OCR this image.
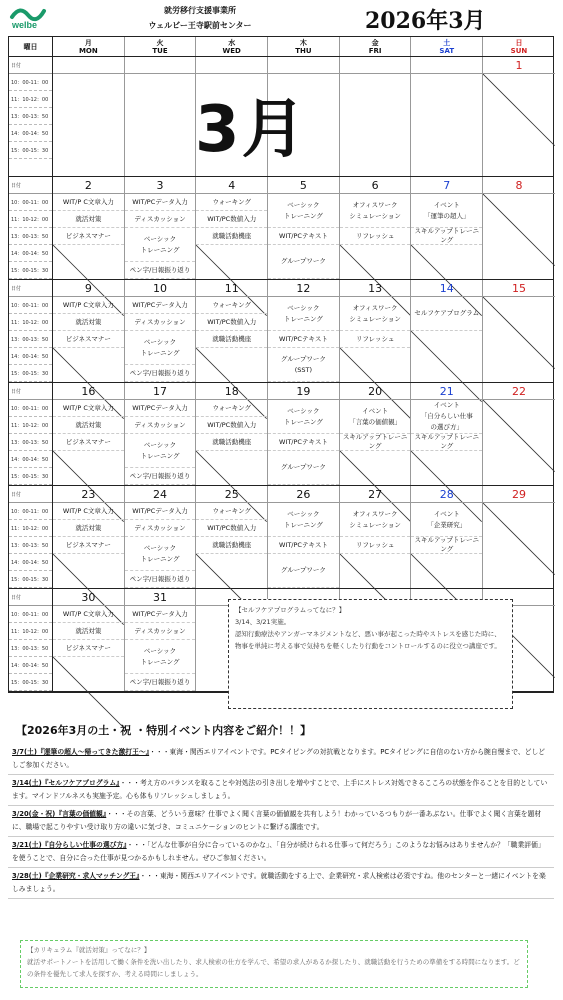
welbe
就労移行支援事業所
ウェルビー王寺駅前センター	2026年3月
曜日	月
MON
火
TUE
水
WED
木
THU
金
FRI
土
SAT
日
SUN
日付
10：00-11：00
11：10-12：00
13：00-13：50
14：00-14：50
15：00-15：30
1
日付
10：00-11：00
11：10-12：00
13：00-13：50
14：00-14：50
15：00-15：30
2
WIT/P C文章入力
就活対策
ビジネスマナー
3
WIT/PCデータ入力
ディスカッション
ベーシック
トレーニング
ペン字/日報振り返り
4
ウォーキング
WIT/PC数値入力
就職活動機座
5
ベーシック
トレーニング
WIT/PCテキスト
グループワーク
6
オフィスワーク
シミュレーション
リフレッシュ
7
イベント
「運筆の超人」
スキルアップトレーニング
8
日付
10：00-11：00
11：10-12：00
13：00-13：50
14：00-14：50
15：00-15：30
9
WIT/P C文章入力
就活対策
ビジネスマナー
10
WIT/PCデータ入力
ディスカッション
ベーシック
トレーニング
ペン字/日報振り返り
11
ウォーキング
WIT/PC数値入力
就職活動機座
12
ベーシック
トレーニング
WIT/PCテキスト
グループワーク
(SST)
13
オフィスワーク
シミュレーション
リフレッシュ
14
セルフケアプログラム
15
日付
10：00-11：00
11：10-12：00
13：00-13：50
14：00-14：50
15：00-15：30
16
WIT/P C文章入力
就活対策
ビジネスマナー
17
WIT/PCデータ入力
ディスカッション
ベーシック
トレーニング
ペン字/日報振り返り
18
ウォーキング
WIT/PC数値入力
就職活動機座
19
ベーシック
トレーニング
WIT/PCテキスト
グループワーク
20
イベント
「言葉の価値観」
スキルアップトレーニング
21
イベント
「自分らしい仕事
の選び方」
スキルアップトレーニング
22
日付
10：00-11：00
11：10-12：00
13：00-13：50
14：00-14：50
15：00-15：30
23
WIT/P C文章入力
就活対策
ビジネスマナー
24
WIT/PCデータ入力
ディスカッション
ベーシック
トレーニング
ペン字/日報振り返り
25
ウォーキング
WIT/PC数値入力
就職活動機座
26
ベーシック
トレーニング
WIT/PCテキスト
グループワーク
27
オフィスワーク
シミュレーション
リフレッシュ
28
イベント
「企業研究」
スキルアップトレーニング
29
日付
10：00-11：00
11：10-12：00
13：00-13：50
14：00-14：50
15：00-15：30
30
WIT/P C文章入力
就活対策
ビジネスマナー
31
WIT/PCデータ入力
ディスカッション
ベーシック
トレーニング
ペン字/日報振り返り
3月
【セルフケアプログラムってなに？】
3/14、3/21実施。
認知行動療法やアンガーマネジメントなど、悪い事が起こった時やストレスを感じた時に、物事を単純に考える事で気持ちを軽くしたり行動をコントロールするのに役立つ講座です。
【2026年3月の土・祝 ・特別イベント内容をご紹介！！】
3/7(土)『運筆の超人～帰ってきた激打王～』・・・東海・関西エリアイベントです。PCタイピングの対抗戦となります。PCタイピングに自信のない方から腕自慢まで、どしどしご参加ください。
3/14(土)『セルフケアプログラム』・・・考え方のバランスを取ることや対処法の引き出しを増やすことで、上手にストレス対処できるこころの状態を作ることを目的としています。マインドフルネスも実施予定。心も体もリフレッシュしましょう。
3/20(金・祝)『言葉の価値観』・・・その言葉、どういう意味？仕事でよく聞く言葉の価値観を共有しよう！わかっているつもりが一番あぶない。仕事でよく聞く言葉を題材に、職場で起こりやすい受け取り方の違いに気づき、コミュニケーションのヒントに繋げる講座です。
3/21(土)『自分らしい仕事の選び方』・・・「どんな仕事が自分に合っているのかな」、「自分が続けられる仕事って何だろう」このようなお悩みはありませんか？「職業評価」を使うことで、自分に合った仕事が見つかるかもしれません。ぜひご参加ください。
3/28(土)『企業研究・求人マッチング王』・・・東海・関西エリアイベントです。就職活動をする上で、企業研究・求人検索は必須ですね。他のセンターと一緒にイベントを楽しみましょう。
【カリキュラム『就活対策』ってなに？】
就活サポートノートを活用して働く条件を洗い出したり、求人検索の仕方を学んで、希望の求人があるか探したり、就職活動を行うための準備をする時間になります。どの条件を優先して求人を探すか、考える時間にしましょう。
